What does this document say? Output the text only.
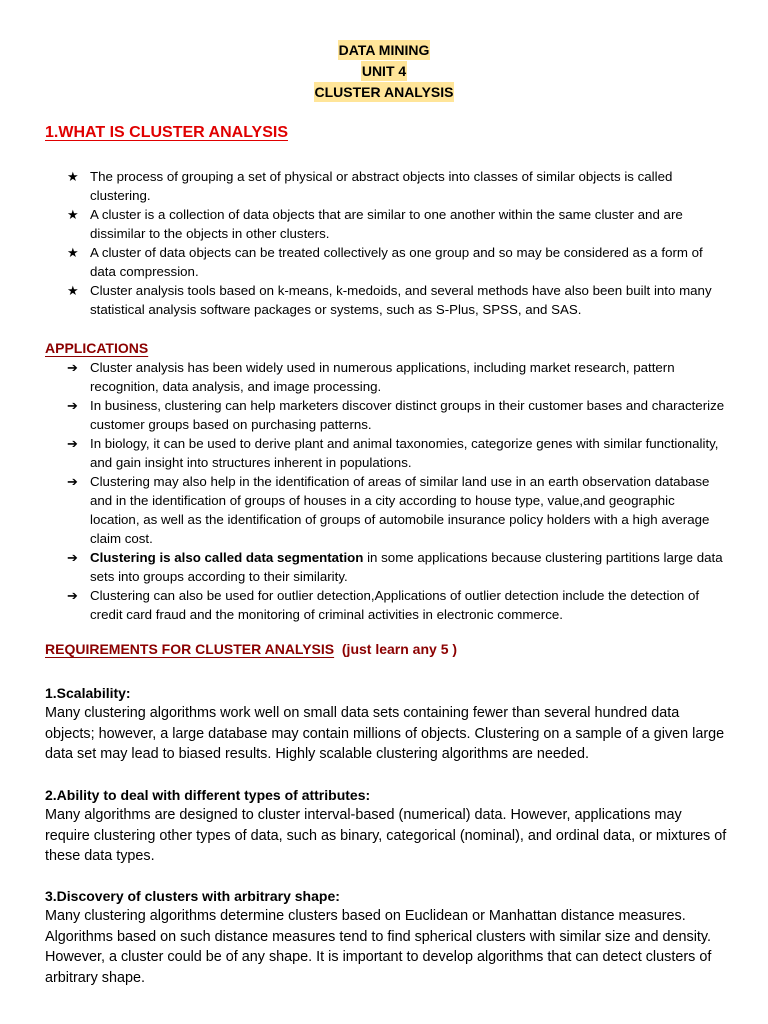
DATA MINING
UNIT 4
CLUSTER ANALYSIS
1.WHAT IS CLUSTER ANALYSIS
★ The process of grouping a set of physical or abstract objects into classes of similar objects is called clustering.
★ A cluster is a collection of data objects that are similar to one another within the same cluster and are dissimilar to the objects in other clusters.
★ A cluster of data objects can be treated collectively as one group and so may be considered as a form of data compression.
★ Cluster analysis tools based on k-means, k-medoids, and several methods have also been built into many statistical analysis software packages or systems, such as S-Plus, SPSS, and SAS.
APPLICATIONS
➔ Cluster analysis has been widely used in numerous applications, including market research, pattern recognition, data analysis, and image processing.
➔ In business, clustering can help marketers discover distinct groups in their customer bases and characterize customer groups based on purchasing patterns.
➔ In biology, it can be used to derive plant and animal taxonomies, categorize genes with similar functionality, and gain insight into structures inherent in populations.
➔ Clustering may also help in the identification of areas of similar land use in an earth observation database and in the identification of groups of houses in a city according to house type, value,and geographic location, as well as the identification of groups of automobile insurance policy holders with a high average claim cost.
➔ Clustering is also called data segmentation in some applications because clustering partitions large data sets into groups according to their similarity.
➔ Clustering can also be used for outlier detection,Applications of outlier detection include the detection of credit card fraud and the monitoring of criminal activities in electronic commerce.
REQUIREMENTS FOR CLUSTER ANALYSIS (just learn any 5 )
1.Scalability:

Many clustering algorithms work well on small data sets containing fewer than several hundred data objects; however, a large database may contain millions of objects. Clustering on a sample of a given large data set may lead to biased results. Highly scalable clustering algorithms are needed.

2.Ability to deal with different types of attributes:

Many algorithms are designed to cluster interval-based (numerical) data. However, applications may require clustering other types of data, such as binary, categorical (nominal), and ordinal data, or mixtures of these data types.

3.Discovery of clusters with arbitrary shape:

Many clustering algorithms determine clusters based on Euclidean or Manhattan distance measures. Algorithms based on such distance measures tend to find spherical clusters with similar size and density. However, a cluster could be of any shape. It is important to develop algorithms that can detect clusters of arbitrary shape.
